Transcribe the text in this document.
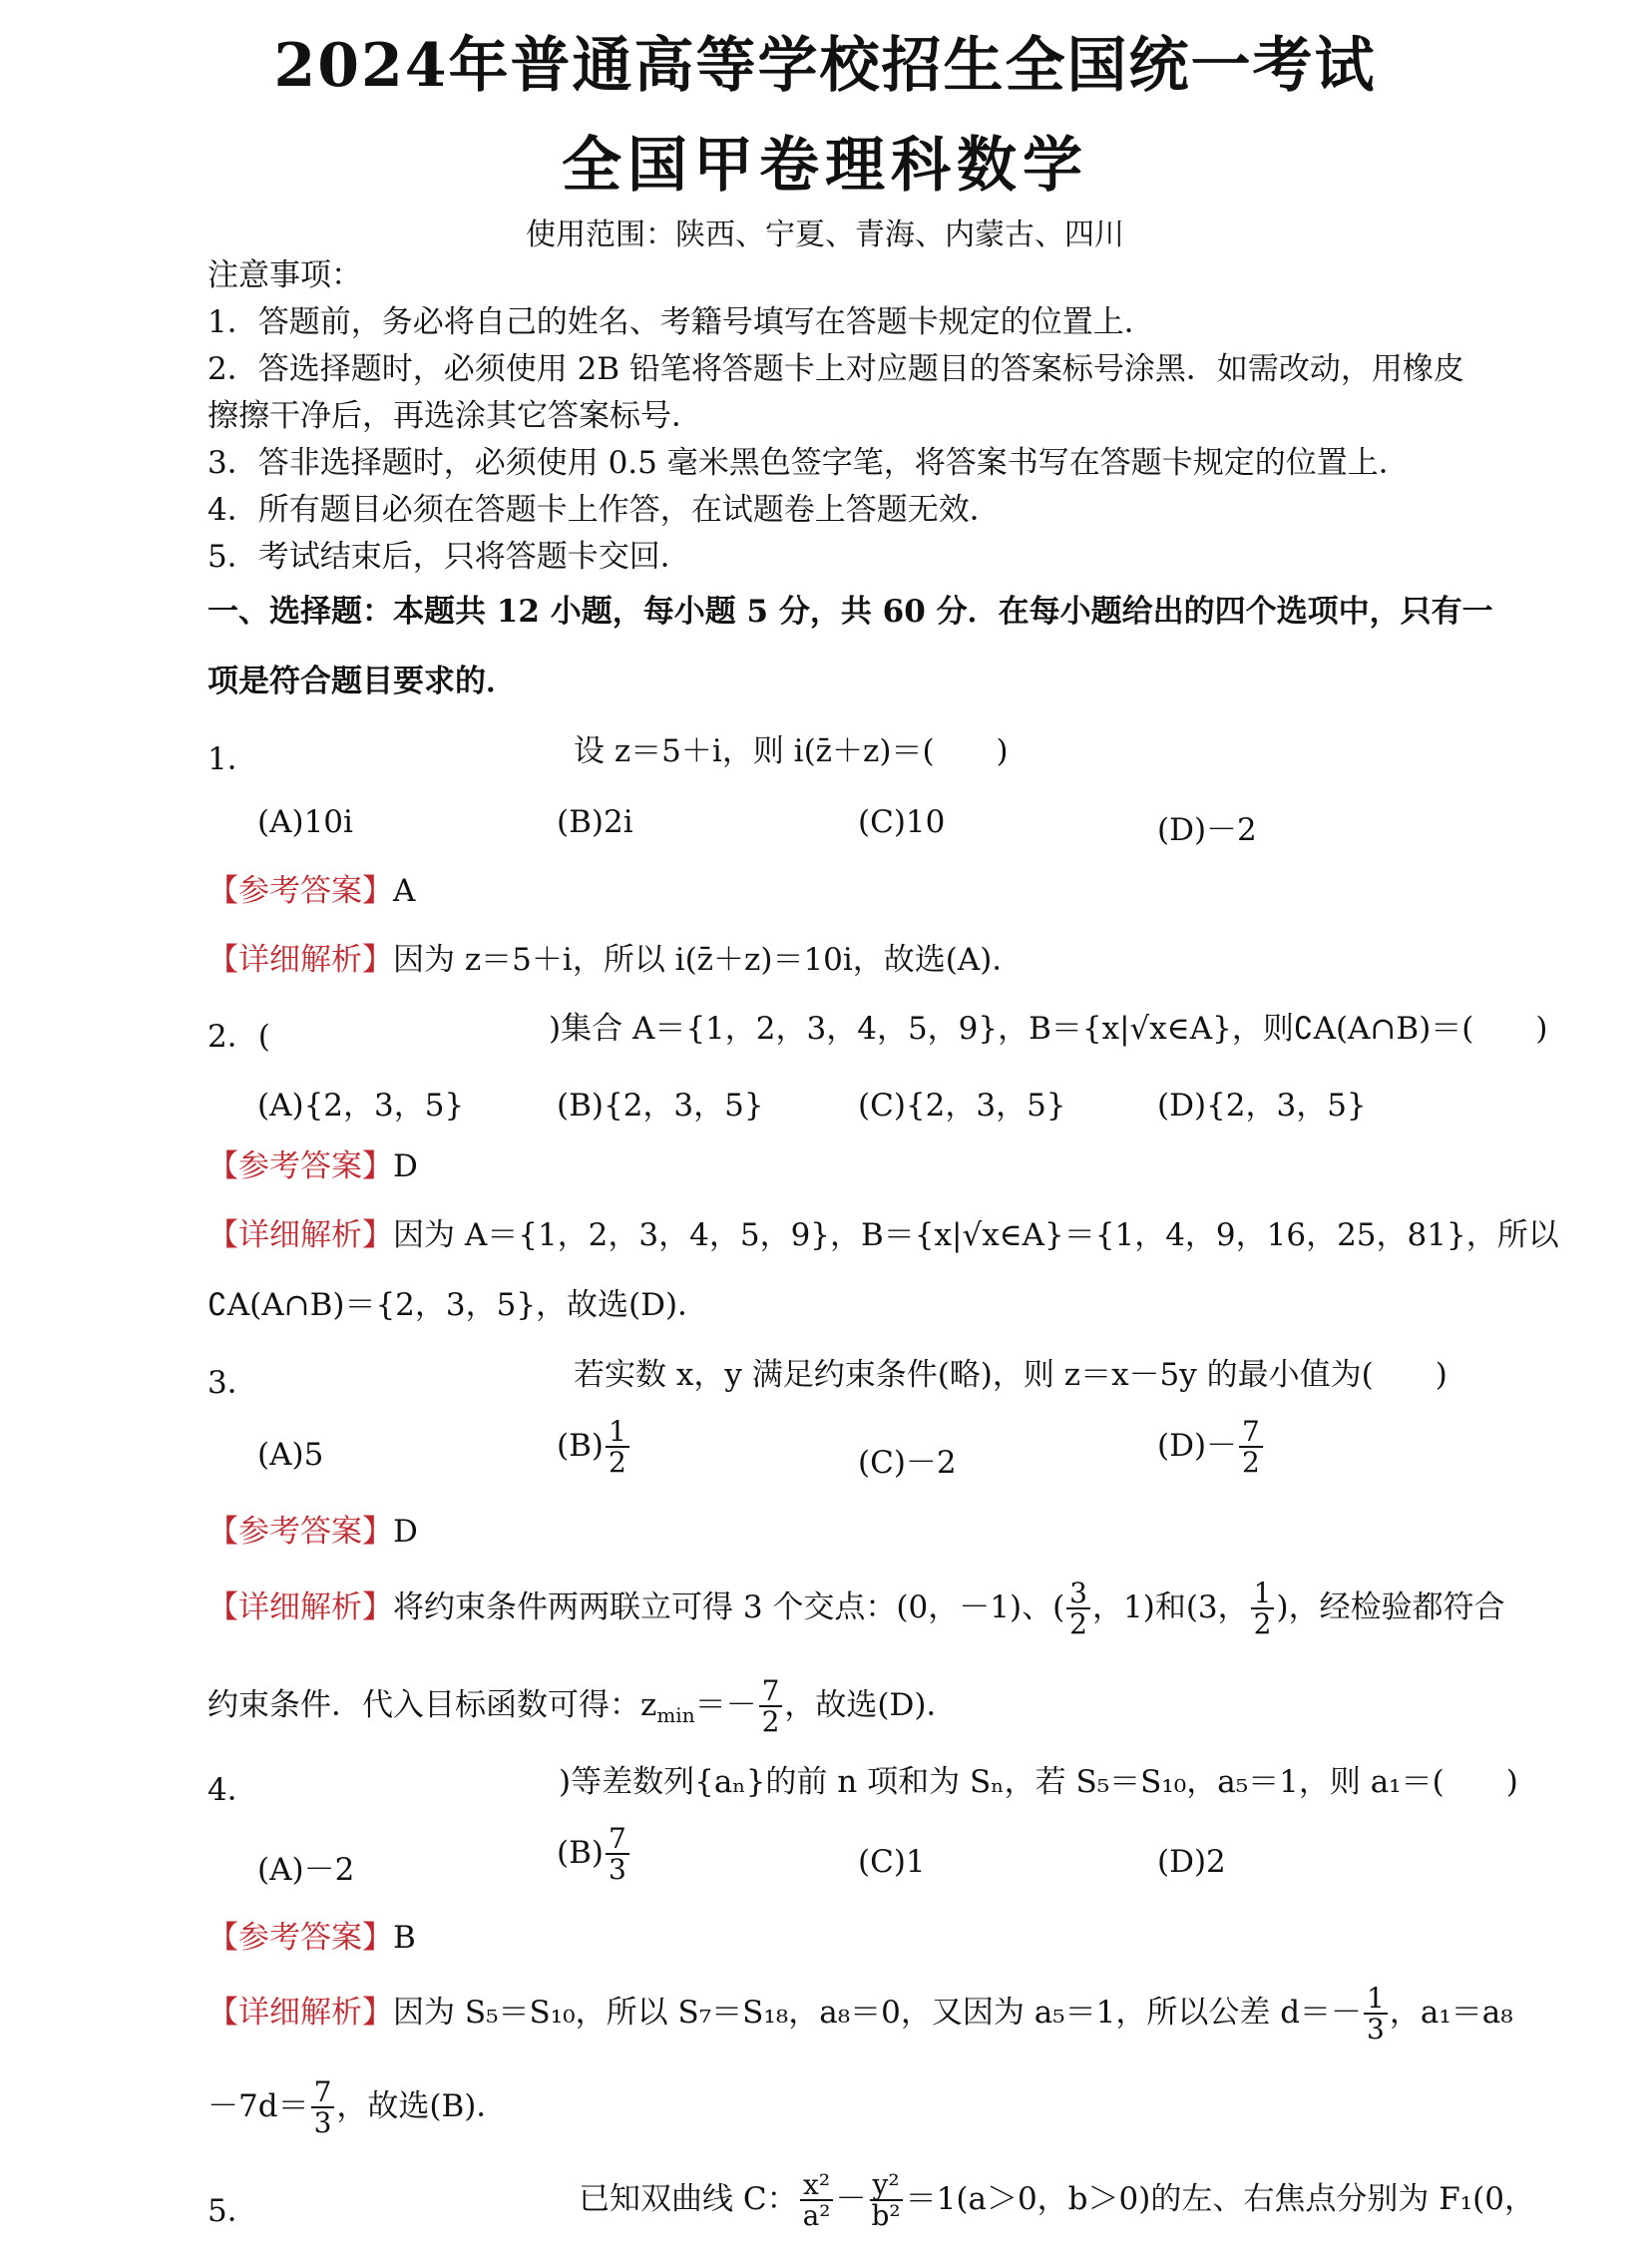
2024年普通高等学校招生全国统一考试
全国甲卷理科数学
使用范围：陕西、宁夏、青海、内蒙古、四川
注意事项：
1．答题前，务必将自己的姓名、考籍号填写在答题卡规定的位置上．
2．答选择题时，必须使用 2B 铅笔将答题卡上对应题目的答案标号涂黑．如需改动，用橡皮
擦擦干净后，再选涂其它答案标号．
3．答非选择题时，必须使用 0.5 毫米黑色签字笔，将答案书写在答题卡规定的位置上．
4．所有题目必须在答题卡上作答，在试题卷上答题无效．
5．考试结束后，只将答题卡交回．
一、选择题：本题共 12 小题，每小题 5 分，共 60 分．在每小题给出的四个选项中，只有一
项是符合题目要求的．
1．	设 z＝5＋i，则 i(z̄＋z)＝(　　)
(A)10i	(B)2i	(C)10	(D)－2
【参考答案】A
【详细解析】因为 z＝5＋i，所以 i(z̄＋z)＝10i，故选(A)．
2．(	)集合 A＝{1，2，3，4，5，9}，B＝{x|√x∈A}，则∁A(A∩B)＝(　　)
(A){2，3，5}	(B){2，3，5}	(C){2，3，5}	(D){2，3，5}
【参考答案】D
【详细解析】因为 A＝{1，2，3，4，5，9}，B＝{x|√x∈A}＝{1，4，9，16，25，81}，所以
∁A(A∩B)＝{2，3，5}，故选(D)．
3．	若实数 x，y 满足约束条件(略)，则 z＝x－5y 的最小值为(　　)
(A)5	$(B) \frac{1}{2}$	(C)－2	$(D)- \frac{7}{2}$
【参考答案】D
【详细解析】将约束条件两两联立可得 3 个交点：(0，－1)、( $\frac{3}{2}$ ，1)和(3， $\frac{1}{2}$ )，经检验都符合
约束条件．代入目标函数可得：$z_{min}=- \frac{7}{2}$ ，故选(D)．
4．	)等差数列{aₙ}的前 n 项和为 Sₙ，若 S₅＝S₁₀，a₅＝1，则 a₁＝(　　)
(A)－2	$(B) \frac{7}{3}$	(C)1	(D)2
【参考答案】B
【详细解析】因为 S₅＝S₁₀，所以 S₇＝S₁₈，a₈＝0，又因为 a₅＝1，所以公差 $d=- \frac{1}{3}$ ，a₁＝a₈
$-7d= \frac{7}{3}$ ，故选(B)．
5．	已知双曲线 C： $\frac{\text{x²}}{\text{a²}} - \frac{\text{y²}}{\text{b²}} =1(a>0$，b＞0)的左、右焦点分别为 F₁(0，
